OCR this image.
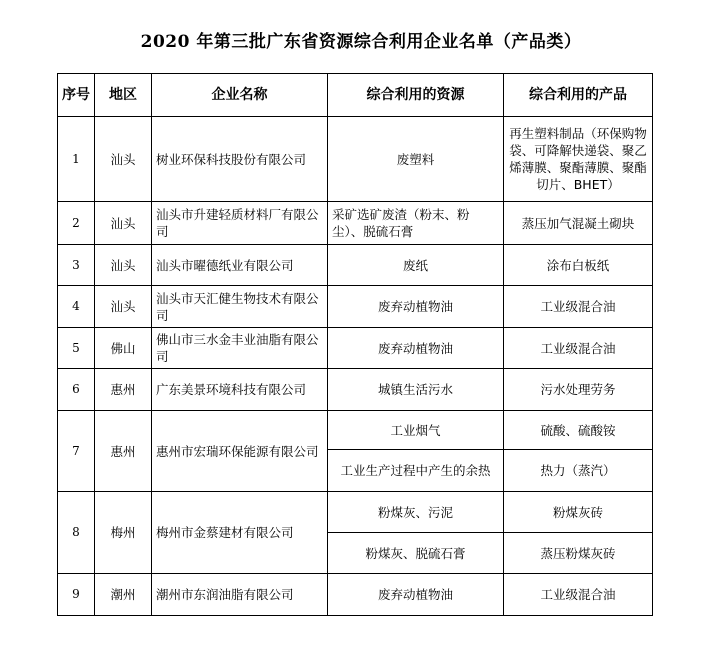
2020 年第三批广东省资源综合利用企业名单（产品类）
序号	地区	企业名称	综合利用的资源	综合利用的产品
1	汕头	树业环保科技股份有限公司	废塑料	再生塑料制品（环保购物袋、可降解快递袋、聚乙烯薄膜、聚酯薄膜、聚酯切片、BHET）
2	汕头	汕头市升建轻质材料厂有限公司	采矿选矿废渣（粉末、粉尘）、脱硫石膏	蒸压加气混凝土砌块
3	汕头	汕头市曜德纸业有限公司	废纸	涂布白板纸
4	汕头	汕头市天汇健生物技术有限公司	废弃动植物油	工业级混合油
5	佛山	佛山市三水金丰业油脂有限公司	废弃动植物油	工业级混合油
6	惠州	广东美景环境科技有限公司	城镇生活污水	污水处理劳务
7	惠州	惠州市宏瑞环保能源有限公司	工业烟气	硫酸、硫酸铵
			工业生产过程中产生的余热	热力（蒸汽）
8	梅州	梅州市金蔡建材有限公司	粉煤灰、污泥	粉煤灰砖
			粉煤灰、脱硫石膏	蒸压粉煤灰砖
9	潮州	潮州市东润油脂有限公司	废弃动植物油	工业级混合油
